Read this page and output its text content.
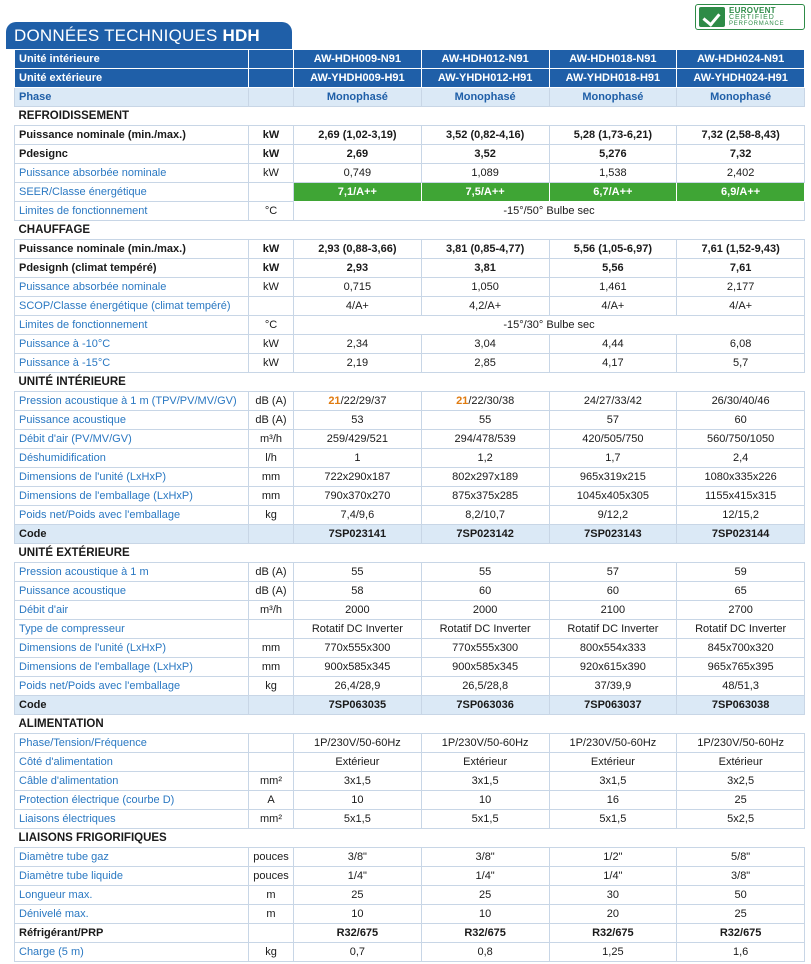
DONNÉES TECHNIQUES HDH
EUROVENT
CERTIFIED
PERFORMANCE
Unité intérieure		AW-HDH009-N91	AW-HDH012-N91	AW-HDH018-N91	AW-HDH024-N91
Unité extérieure		AW-YHDH009-H91	AW-YHDH012-H91	AW-YHDH018-H91	AW-YHDH024-H91
Phase		Monophasé	Monophasé	Monophasé	Monophasé
REFROIDISSEMENT					
Puissance nominale (min./max.)	kW	2,69 (1,02-3,19)	3,52 (0,82-4,16)	5,28 (1,73-6,21)	7,32 (2,58-8,43)
Pdesignc	kW	2,69	3,52	5,276	7,32
Puissance absorbée nominale	kW	0,749	1,089	1,538	2,402
SEER/Classe énergétique		7,1/A++	7,5/A++	6,7/A++	6,9/A++
Limites de fonctionnement	°C	-15°/50° Bulbe sec			
CHAUFFAGE					
Puissance nominale (min./max.)	kW	2,93 (0,88-3,66)	3,81 (0,85-4,77)	5,56 (1,05-6,97)	7,61 (1,52-9,43)
Pdesignh (climat tempéré)	kW	2,93	3,81	5,56	7,61
Puissance absorbée nominale	kW	0,715	1,050	1,461	2,177
SCOP/Classe énergétique (climat tempéré)		4/A+	4,2/A+	4/A+	4/A+
Limites de fonctionnement	°C	-15°/30° Bulbe sec			
Puissance à -10°C	kW	2,34	3,04	4,44	6,08
Puissance à -15°C	kW	2,19	2,85	4,17	5,7
UNITÉ INTÉRIEURE					
Pression acoustique à 1 m (TPV/PV/MV/GV)	dB (A)	21/22/29/37	21/22/30/38	24/27/33/42	26/30/40/46
Puissance acoustique	dB (A)	53	55	57	60
Débit d'air (PV/MV/GV)	m³/h	259/429/521	294/478/539	420/505/750	560/750/1050
Déshumidification	l/h	1	1,2	1,7	2,4
Dimensions de l'unité (LxHxP)	mm	722x290x187	802x297x189	965x319x215	1080x335x226
Dimensions de l'emballage (LxHxP)	mm	790x370x270	875x375x285	1045x405x305	1155x415x315
Poids net/Poids avec l'emballage	kg	7,4/9,6	8,2/10,7	9/12,2	12/15,2
Code		7SP023141	7SP023142	7SP023143	7SP023144
UNITÉ EXTÉRIEURE					
Pression acoustique à 1 m	dB (A)	55	55	57	59
Puissance acoustique	dB (A)	58	60	60	65
Débit d'air	m³/h	2000	2000	2100	2700
Type de compresseur		Rotatif DC Inverter	Rotatif DC Inverter	Rotatif DC Inverter	Rotatif DC Inverter
Dimensions de l'unité (LxHxP)	mm	770x555x300	770x555x300	800x554x333	845x700x320
Dimensions de l'emballage (LxHxP)	mm	900x585x345	900x585x345	920x615x390	965x765x395
Poids net/Poids avec l'emballage	kg	26,4/28,9	26,5/28,8	37/39,9	48/51,3
Code		7SP063035	7SP063036	7SP063037	7SP063038
ALIMENTATION					
Phase/Tension/Fréquence		1P/230V/50-60Hz	1P/230V/50-60Hz	1P/230V/50-60Hz	1P/230V/50-60Hz
Côté d'alimentation		Extérieur	Extérieur	Extérieur	Extérieur
Câble d'alimentation	mm²	3x1,5	3x1,5	3x1,5	3x2,5
Protection électrique (courbe D)	A	10	10	16	25
Liaisons électriques	mm²	5x1,5	5x1,5	5x1,5	5x2,5
LIAISONS FRIGORIFIQUES					
Diamètre tube gaz	pouces	3/8"	3/8"	1/2"	5/8"
Diamètre tube liquide	pouces	1/4"	1/4"	1/4"	3/8"
Longueur max.	m	25	25	30	50
Dénivelé max.	m	10	10	20	25
Réfrigérant/PRP		R32/675	R32/675	R32/675	R32/675
Charge (5 m)	kg	0,7	0,8	1,25	1,6
